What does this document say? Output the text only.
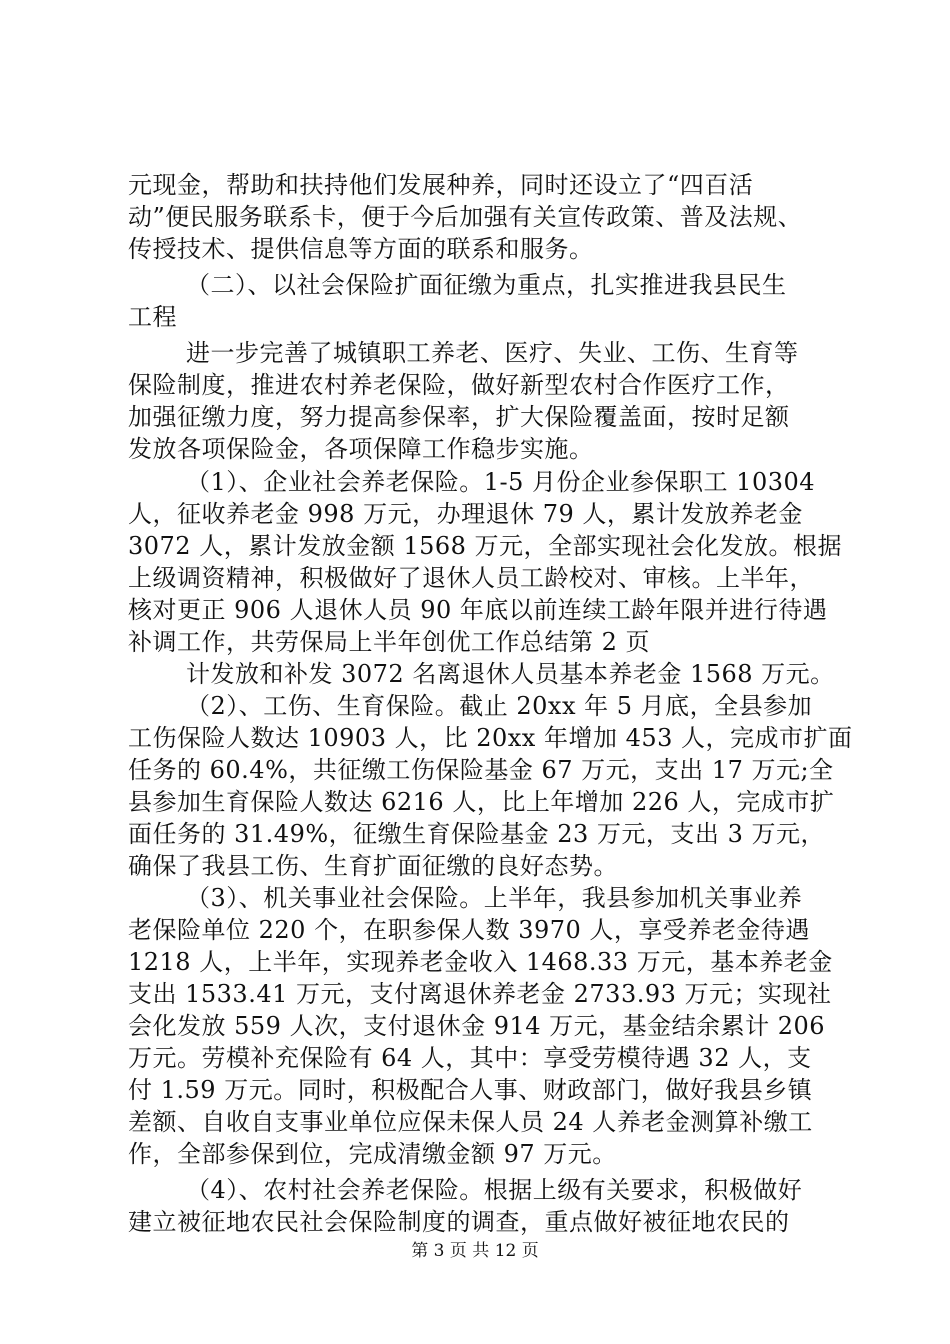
元现金，帮助和扶持他们发展种养，同时还设立了“四百活
动”便民服务联系卡，便于今后加强有关宣传政策、普及法规、
传授技术、提供信息等方面的联系和服务。
（二）、以社会保险扩面征缴为重点，扎实推进我县民生
工程
进一步完善了城镇职工养老、医疗、失业、工伤、生育等
保险制度，推进农村养老保险，做好新型农村合作医疗工作，
加强征缴力度，努力提高参保率，扩大保险覆盖面，按时足额
发放各项保险金，各项保障工作稳步实施。
（1）、企业社会养老保险。1-5 月份企业参保职工 10304
人，征收养老金 998 万元，办理退休 79 人，累计发放养老金
3072 人，累计发放金额 1568 万元，全部实现社会化发放。根据
上级调资精神，积极做好了退休人员工龄校对、审核。上半年，
核对更正 906 人退休人员 90 年底以前连续工龄年限并进行待遇
补调工作，共劳保局上半年创优工作总结第 2 页
计发放和补发 3072 名离退休人员基本养老金 1568 万元。
（2）、工伤、生育保险。截止 20xx 年 5 月底，全县参加
工伤保险人数达 10903 人，比 20xx 年增加 453 人，完成市扩面
任务的 60.4%，共征缴工伤保险基金 67 万元，支出 17 万元;全
县参加生育保险人数达 6216 人，比上年增加 226 人，完成市扩
面任务的 31.49%，征缴生育保险基金 23 万元，支出 3 万元，
确保了我县工伤、生育扩面征缴的良好态势。
（3）、机关事业社会保险。上半年，我县参加机关事业养
老保险单位 220 个，在职参保人数 3970 人，享受养老金待遇
1218 人，上半年，实现养老金收入 1468.33 万元，基本养老金
支出 1533.41 万元，支付离退休养老金 2733.93 万元；实现社
会化发放 559 人次，支付退休金 914 万元，基金结余累计 206
万元。劳模补充保险有 64 人，其中：享受劳模待遇 32 人，支
付 1.59 万元。同时，积极配合人事、财政部门，做好我县乡镇
差额、自收自支事业单位应保未保人员 24 人养老金测算补缴工
作，全部参保到位，完成清缴金额 97 万元。
（4）、农村社会养老保险。根据上级有关要求，积极做好
建立被征地农民社会保险制度的调查，重点做好被征地农民的
第 3 页 共 12 页
